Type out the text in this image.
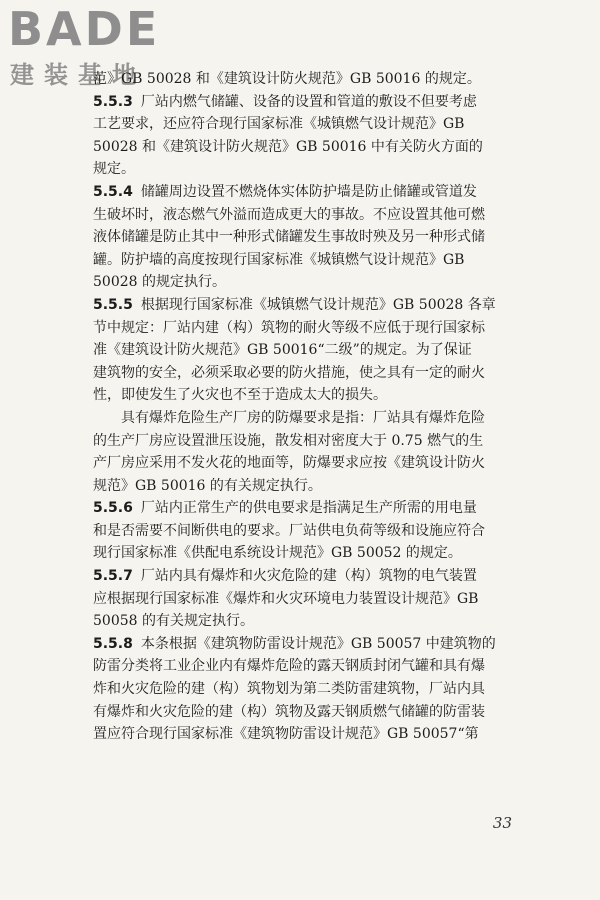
BADE
建装基地
范》GB 50028 和《建筑设计防火规范》GB 50016 的规定。
5.5.3 厂站内燃气储罐、设备的设置和管道的敷设不但要考虑
工艺要求，还应符合现行国家标准《城镇燃气设计规范》GB
50028 和《建筑设计防火规范》GB 50016 中有关防火方面的
规定。
5.5.4 储罐周边设置不燃烧体实体防护墙是防止储罐或管道发
生破坏时，液态燃气外溢而造成更大的事故。不应设置其他可燃
液体储罐是防止其中一种形式储罐发生事故时殃及另一种形式储
罐。防护墙的高度按现行国家标准《城镇燃气设计规范》GB
50028 的规定执行。
5.5.5 根据现行国家标准《城镇燃气设计规范》GB 50028 各章
节中规定：厂站内建（构）筑物的耐火等级不应低于现行国家标
准《建筑设计防火规范》GB 50016“二级”的规定。为了保证
建筑物的安全，必须采取必要的防火措施，使之具有一定的耐火
性，即使发生了火灾也不至于造成太大的损失。
具有爆炸危险生产厂房的防爆要求是指：厂站具有爆炸危险
的生产厂房应设置泄压设施，散发相对密度大于 0.75 燃气的生
产厂房应采用不发火花的地面等，防爆要求应按《建筑设计防火
规范》GB 50016 的有关规定执行。
5.5.6 厂站内正常生产的供电要求是指满足生产所需的用电量
和是否需要不间断供电的要求。厂站供电负荷等级和设施应符合
现行国家标准《供配电系统设计规范》GB 50052 的规定。
5.5.7 厂站内具有爆炸和火灾危险的建（构）筑物的电气装置
应根据现行国家标准《爆炸和火灾环境电力装置设计规范》GB
50058 的有关规定执行。
5.5.8 本条根据《建筑物防雷设计规范》GB 50057 中建筑物的
防雷分类将工业企业内有爆炸危险的露天钢质封闭气罐和具有爆
炸和火灾危险的建（构）筑物划为第二类防雷建筑物，厂站内具
有爆炸和火灾危险的建（构）筑物及露天钢质燃气储罐的防雷装
置应符合现行国家标准《建筑物防雷设计规范》GB 50057“第
33
